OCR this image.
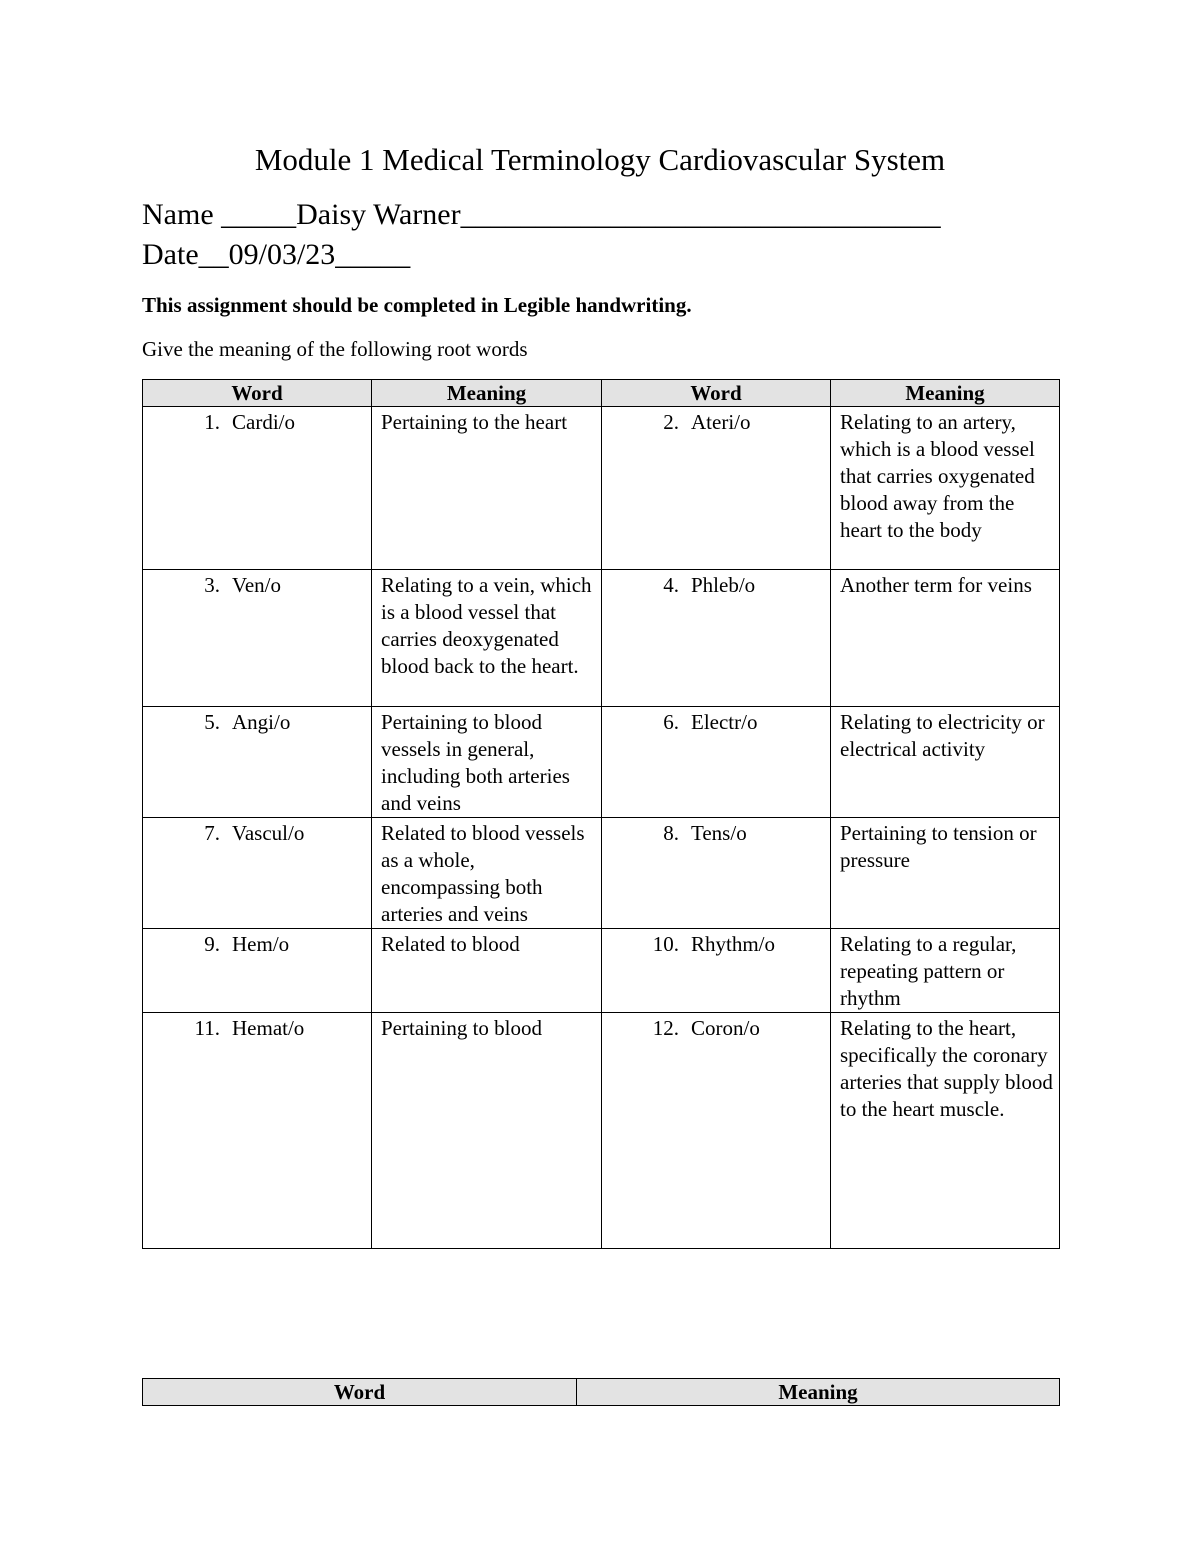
Module 1 Medical Terminology Cardiovascular System
Name _____Daisy Warner________________________________
Date__09/03/23_____
This assignment should be completed in Legible handwriting.
Give the meaning of the following root words
Word	Meaning	Word	Meaning
1. Cardi/o	Pertaining to the heart	2. Ateri/o	Relating to an artery, which is a blood vessel that carries oxygenated blood away from the heart to the body
3. Ven/o	Relating to a vein, which is a blood vessel that carries deoxygenated blood back to the heart.	4. Phleb/o	Another term for veins
5. Angi/o	Pertaining to blood vessels in general, including both arteries and veins	6. Electr/o	Relating to electricity or electrical activity
7. Vascul/o	Related to blood vessels as a whole, encompassing both arteries and veins	8. Tens/o	Pertaining to tension or pressure
9. Hem/o	Related to blood	10. Rhythm/o	Relating to a regular, repeating pattern or rhythm
11. Hemat/o	Pertaining to blood	12. Coron/o	Relating to the heart, specifically the coronary arteries that supply blood to the heart muscle.
Word	Meaning
